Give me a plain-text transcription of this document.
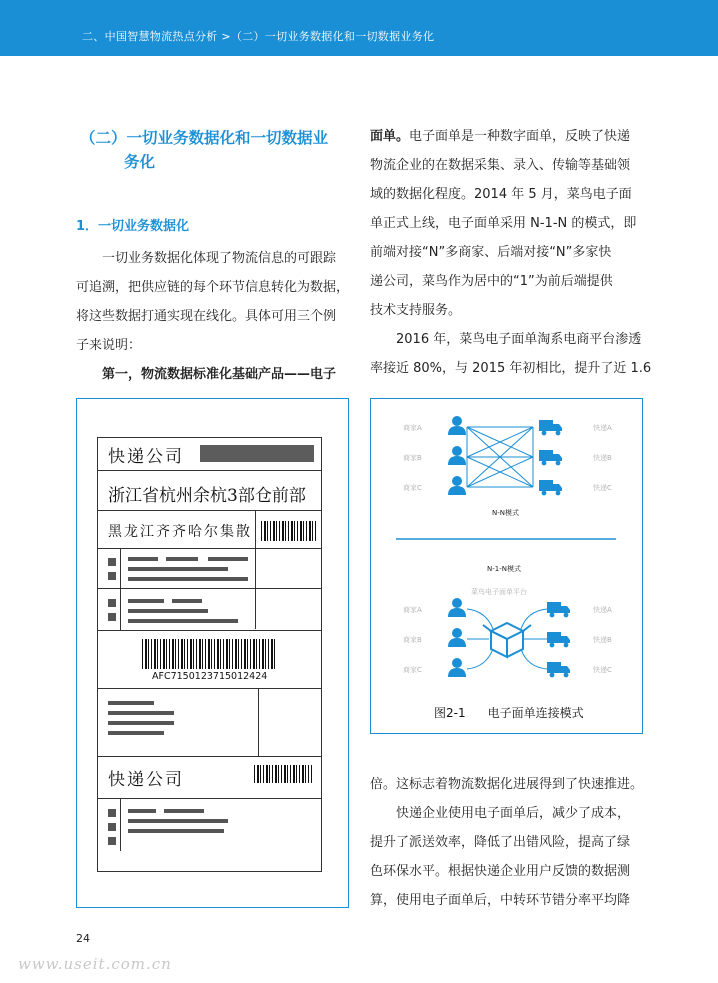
二、中国智慧物流热点分析 >（二）一切业务数据化和一切数据业务化
（二）一切业务数据化和一切数据业
务化
1．一切业务数据化
一切业务数据化体现了物流信息的可跟踪
可追溯，把供应链的每个环节信息转化为数据，
将这些数据打通实现在线化。具体可用三个例
子来说明：
第一，物流数据标准化基础产品——电子
面单。电子面单是一种数字面单，反映了快递
物流企业的在数据采集、录入、传输等基础领
域的数据化程度。2014 年 5 月，菜鸟电子面
单正式上线，电子面单采用 N-1-N 的模式，即
前端对接“N”多商家、后端对接“N”多家快
递公司，菜鸟作为居中的“1”为前后端提供
技术支持服务。
2016 年，菜鸟电子面单淘系电商平台渗透
率接近 80%，与 2015 年初相比，提升了近 1.6
快递公司
浙江省杭州余杭3部仓前部
黑龙江齐齐哈尔集散
AFC7150123715012424
快递公司
商家A
商家B
商家C
快递A
快递B
快递C
商家A
商家B
商家C
快递A
快递B
快递C
菜鸟电子面单平台
N-N模式
N-1-N模式
图2-1 电子面单连接模式
倍。这标志着物流数据化进展得到了快速推进。
快递企业使用电子面单后，减少了成本，
提升了派送效率，降低了出错风险，提高了绿
色环保水平。根据快递企业用户反馈的数据测
算，使用电子面单后，中转环节错分率平均降
24
www.useit.com.cn
